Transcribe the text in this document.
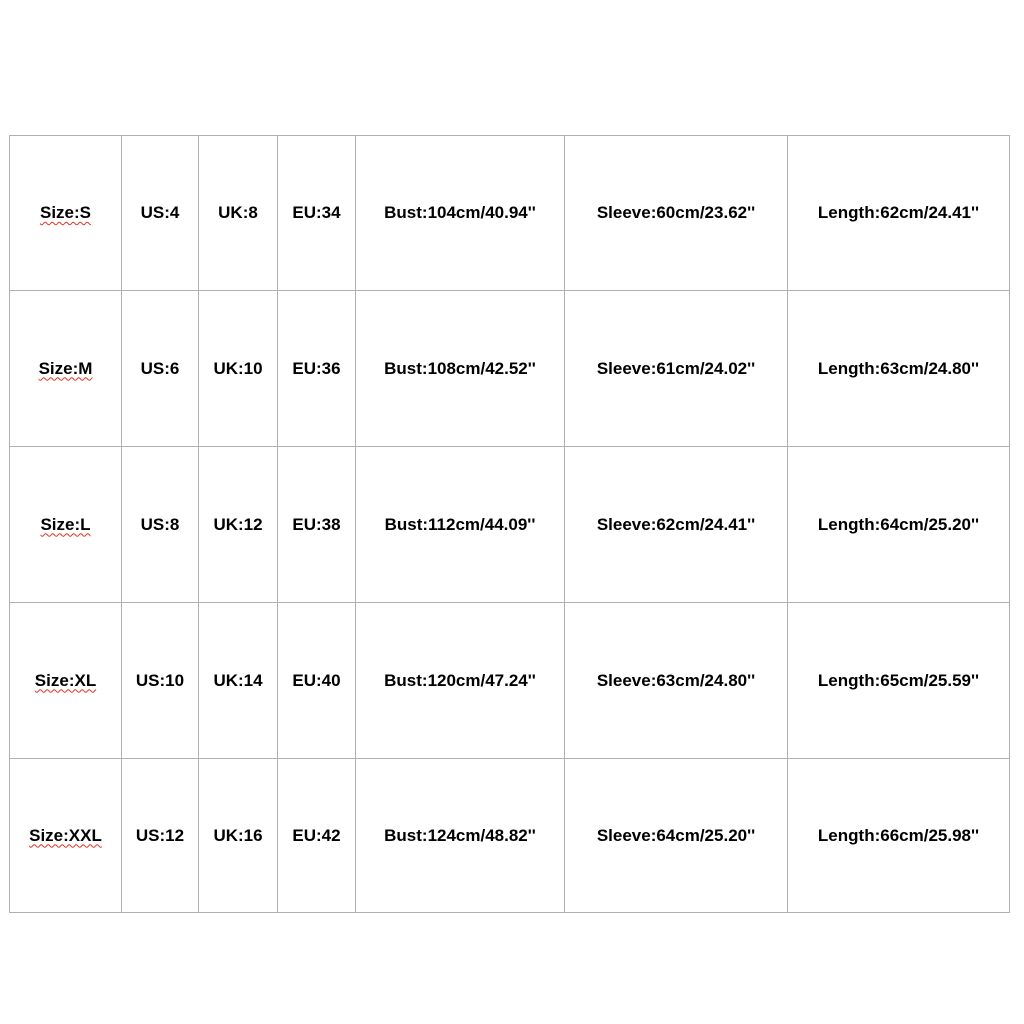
Size:S	US:4	UK:8	EU:34	Bust:104cm/40.94''	Sleeve:60cm/23.62''	Length:62cm/24.41''
Size:M	US:6	UK:10	EU:36	Bust:108cm/42.52''	Sleeve:61cm/24.02''	Length:63cm/24.80''
Size:L	US:8	UK:12	EU:38	Bust:112cm/44.09''	Sleeve:62cm/24.41''	Length:64cm/25.20''
Size:XL	US:10	UK:14	EU:40	Bust:120cm/47.24''	Sleeve:63cm/24.80''	Length:65cm/25.59''
Size:XXL	US:12	UK:16	EU:42	Bust:124cm/48.82''	Sleeve:64cm/25.20''	Length:66cm/25.98''
